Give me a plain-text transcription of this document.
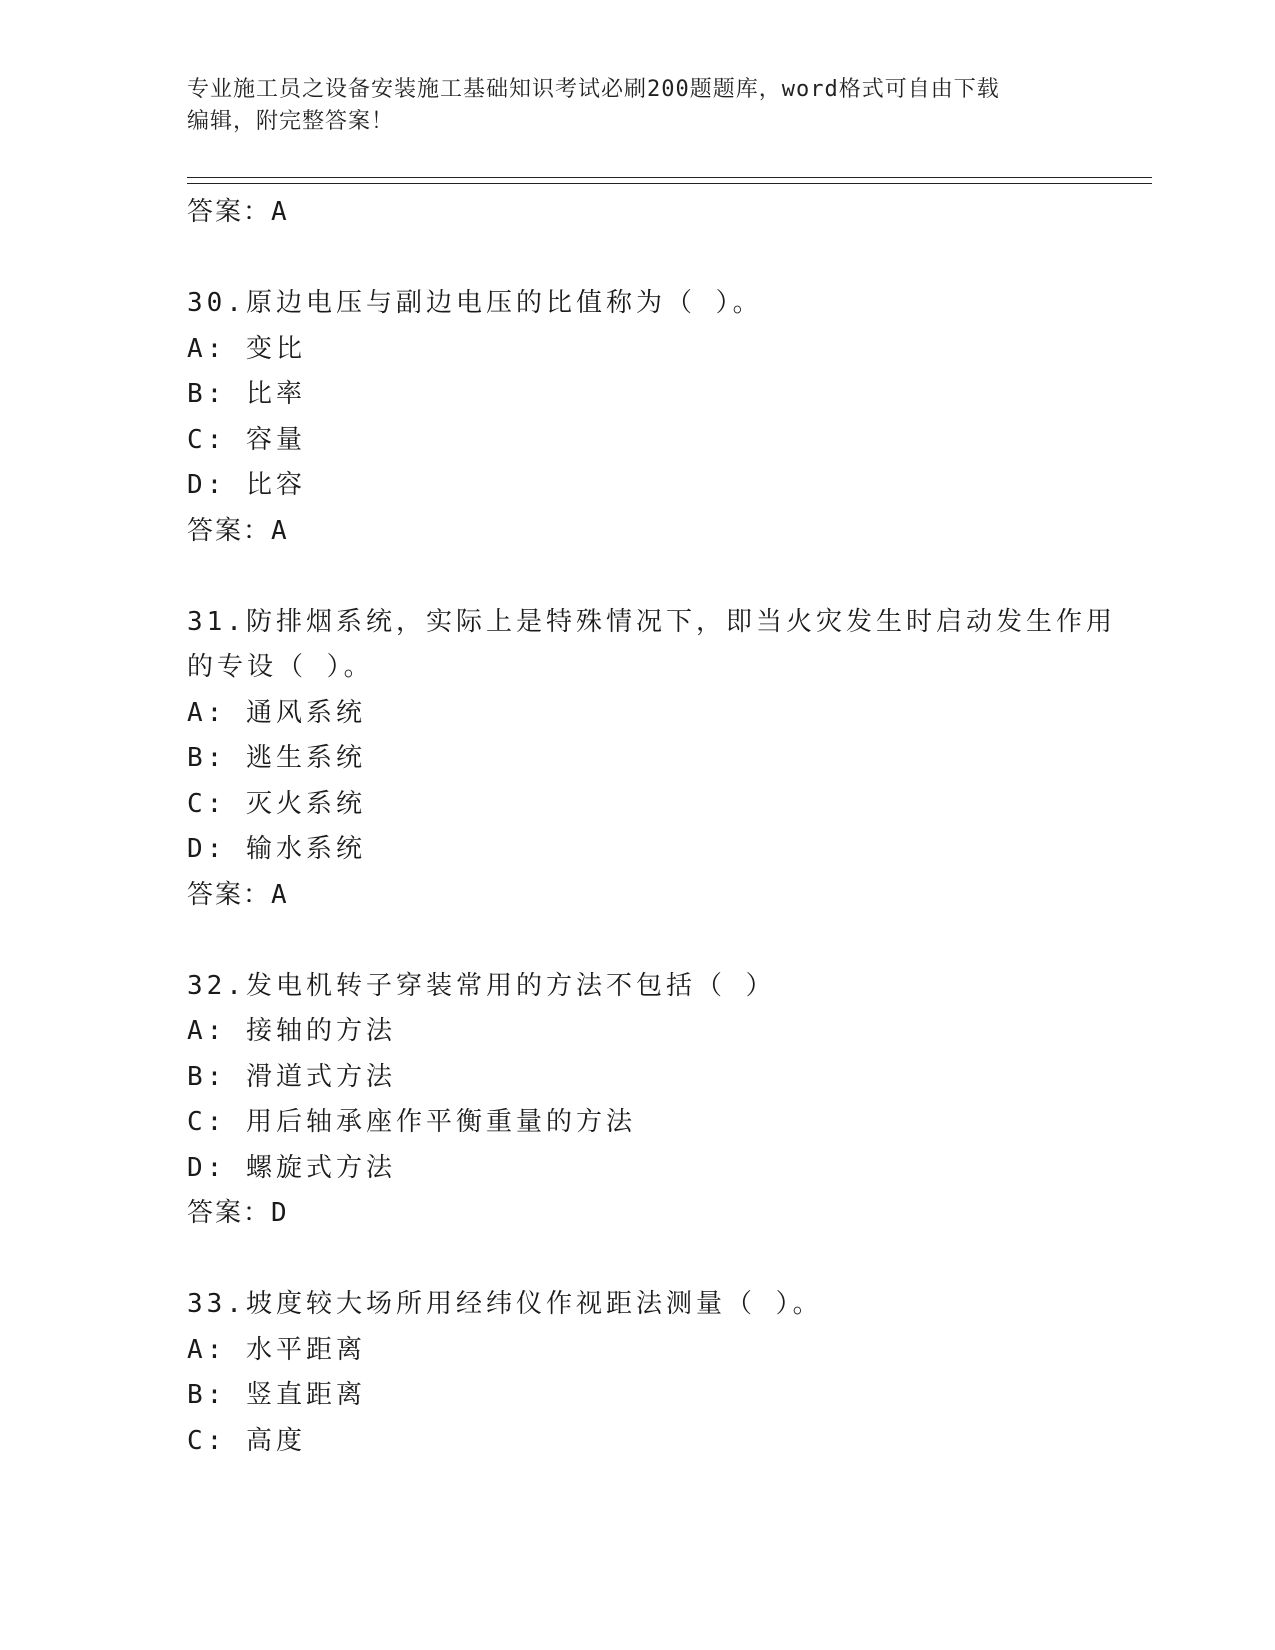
专业施工员之设备安装施工基础知识考试必刷200题题库，word格式可自由下载
编辑，附完整答案！
答案：A
30.原边电压与副边电压的比值称为（ ）。
A: 变比
B: 比率
C: 容量
D: 比容
答案：A
31.防排烟系统，实际上是特殊情况下，即当火灾发生时启动发生作用
的专设（ ）。
A: 通风系统
B: 逃生系统
C: 灭火系统
D: 输水系统
答案：A
32.发电机转子穿装常用的方法不包括（ ）
A: 接轴的方法
B: 滑道式方法
C: 用后轴承座作平衡重量的方法
D: 螺旋式方法
答案：D
33.坡度较大场所用经纬仪作视距法测量（ ）。
A: 水平距离
B: 竖直距离
C: 高度
